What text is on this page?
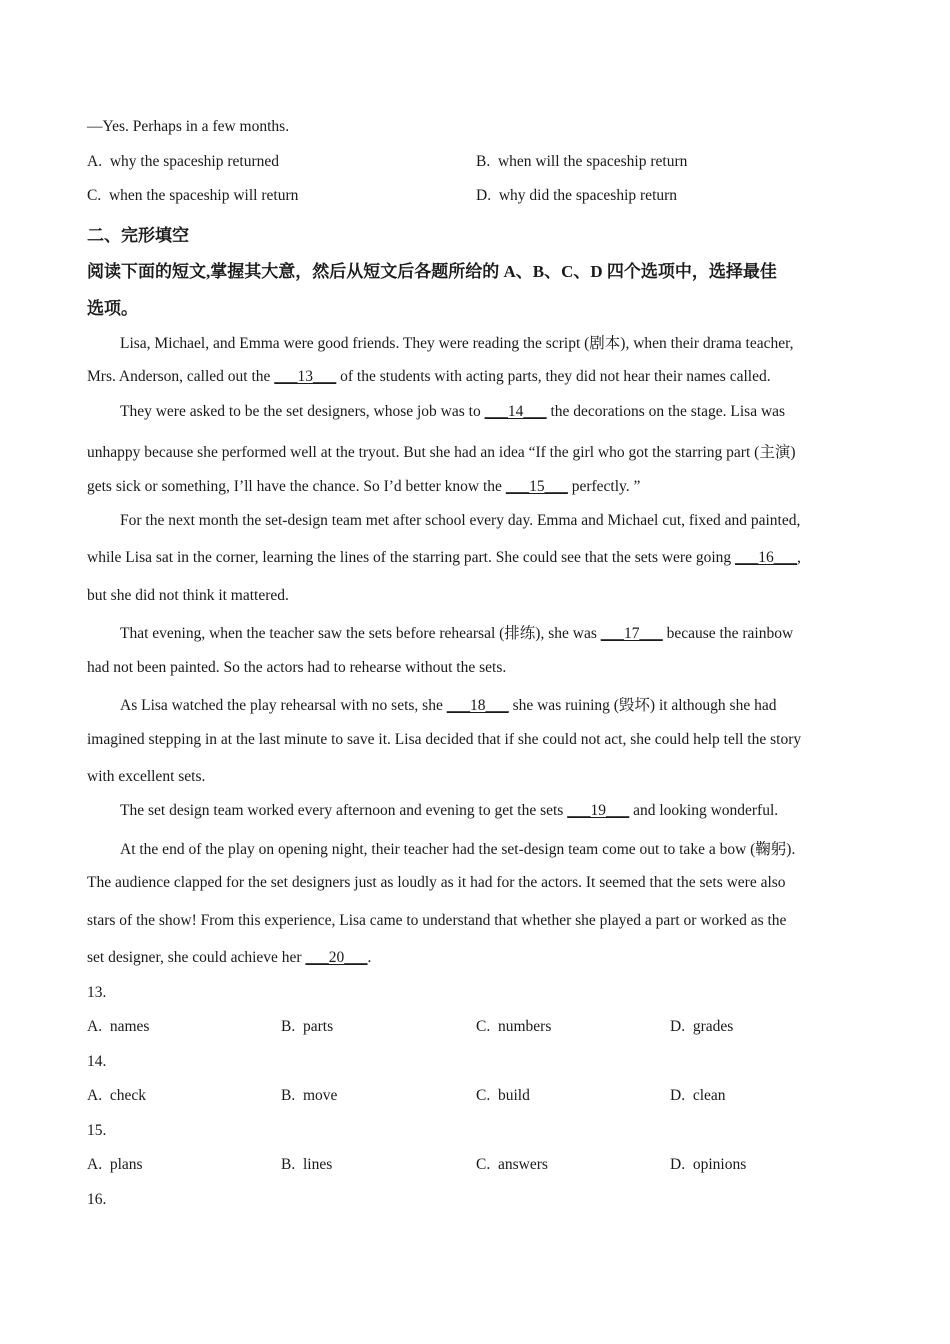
—Yes. Perhaps in a few months.
A. why the spaceship returned	B. when will the spaceship return
C. when the spaceship will return	D. why did the spaceship return
二、完形填空
阅读下面的短文,掌握其大意，然后从短文后各题所给的 A、B、C、D 四个选项中，选择最佳
选项。
Lisa, Michael, and Emma were good friends. They were reading the script (剧本), when their drama teacher,
Mrs. Anderson, called out the ___13___ of the students with acting parts, they did not hear their names called.
They were asked to be the set designers, whose job was to ___14___ the decorations on the stage. Lisa was
unhappy because she performed well at the tryout. But she had an idea “If the girl who got the starring part (主演)
gets sick or something, I’ll have the chance. So I’d better know the ___15___ perfectly. ”
For the next month the set-design team met after school every day. Emma and Michael cut, fixed and painted,
while Lisa sat in the corner, learning the lines of the starring part. She could see that the sets were going ___16___,
but she did not think it mattered.
That evening, when the teacher saw the sets before rehearsal (排练), she was ___17___ because the rainbow
had not been painted. So the actors had to rehearse without the sets.
As Lisa watched the play rehearsal with no sets, she ___18___ she was ruining (毁坏) it although she had
imagined stepping in at the last minute to save it. Lisa decided that if she could not act, she could help tell the story
with excellent sets.
The set design team worked every afternoon and evening to get the sets ___19___ and looking wonderful.
At the end of the play on opening night, their teacher had the set-design team come out to take a bow (鞠躬).
The audience clapped for the set designers just as loudly as it had for the actors. It seemed that the sets were also
stars of the show! From this experience, Lisa came to understand that whether she played a part or worked as the
set designer, she could achieve her ___20___.
13.
A. names	B. parts	C. numbers	D. grades
14.
A. check	B. move	C. build	D. clean
15.
A. plans	B. lines	C. answers	D. opinions
16.
